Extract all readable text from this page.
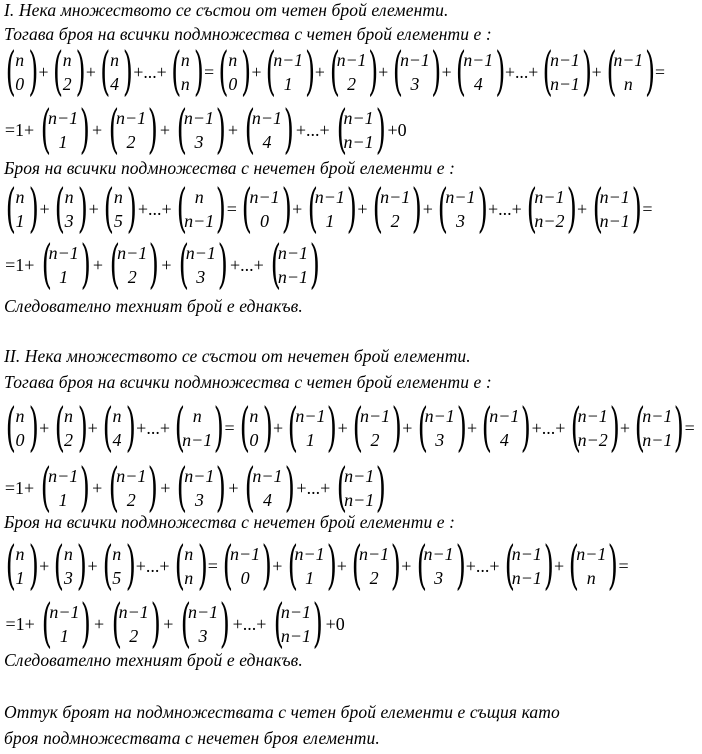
I. Нека множеството се състои от четен брой елементи.
Тогава броя на всички подмножества с четен брой елементи е :
( n
0 ) + ( n
2 ) + ( n
4 ) +...+ ( n
n ) = ( n
0 ) + (
n−1
1 ) + (
n−1
2 ) + (
n−1
3 ) + (
n−1
4 ) +...+ (
n−1
n−1 ) + (
n−1
n ) =
=1+ (
n−1
1 ) + (
n−1
2 ) + (
n−1
3 ) + (
n−1
4 ) +...+ (
n−1
n−1 ) +0
Броя на всички подмножества с нечетен брой елементи е :
( n
1 ) + ( n
3 ) + ( n
5 ) +...+ ( n
n−1 ) = (
n−1
0 ) + (
n−1
1 ) + (
n−1
2 ) + (
n−1
3 ) +...+ (
n−1
n−2 ) + (
n−1
n−1 ) =
=1+ (
n−1
1 ) + (
n−1
2 ) + (
n−1
3 ) +...+ (
n−1
n−1 )
Следователно техният брой е еднакъв.
II. Нека множеството се състои от нечетен брой елементи.
Тогава броя на всички подмножества с четен брой елементи е :
( n
0 ) + ( n
2 ) + ( n
4 ) +...+ ( n
n−1 ) = ( n
0 ) + (
n−1
1 ) + (
n−1
2 ) + (
n−1
3 ) + (
n−1
4 ) +...+ (
n−1
n−2 ) + (
n−1
n−1 ) =
=1+ (
n−1
1 ) + (
n−1
2 ) + (
n−1
3 ) + (
n−1
4 ) +...+ (
n−1
n−1 )
Броя на всички подмножества с нечетен брой елементи е :
( n
1 ) + ( n
3 ) + ( n
5 ) +...+ ( n
n ) = (
n−1
0 ) + (
n−1
1 ) + (
n−1
2 ) + (
n−1
3 ) +...+ (
n−1
n−1 ) + (
n−1
n ) =
=1+ (
n−1
1 ) + (
n−1
2 ) + (
n−1
3 ) +...+ (
n−1
n−1 ) +0
Следователно техният брой е еднакъв.
Оттук броят на подмножествата с четен брой елементи е същия като
броя подмножествата с нечетен броя елементи.
